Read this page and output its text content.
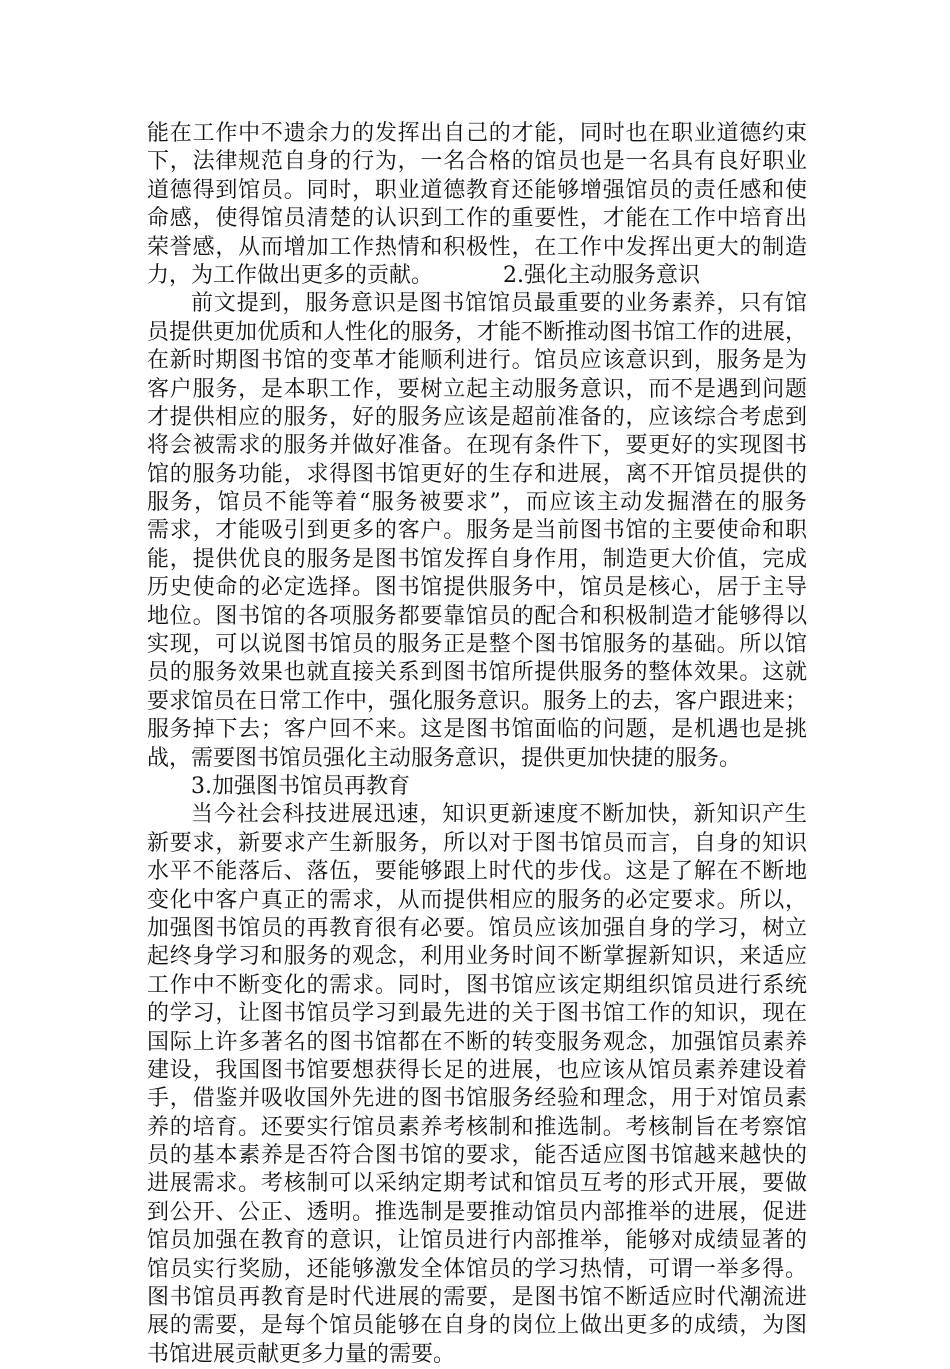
能在工作中不遗余力的发挥出自己的才能，同时也在职业道德约束
下，法律规范自身的行为，一名合格的馆员也是一名具有良好职业
道德得到馆员。同时，职业道德教育还能够增强馆员的责任感和使
命感，使得馆员清楚的认识到工作的重要性，才能在工作中培育出
荣誉感，从而增加工作热情和积极性，在工作中发挥出更大的制造
力，为工作做出更多的贡献。	2.强化主动服务意识
前文提到，服务意识是图书馆馆员最重要的业务素养，只有馆
员提供更加优质和人性化的服务，才能不断推动图书馆工作的进展，
在新时期图书馆的变革才能顺利进行。馆员应该意识到，服务是为
客户服务，是本职工作，要树立起主动服务意识，而不是遇到问题
才提供相应的服务，好的服务应该是超前准备的，应该综合考虑到
将会被需求的服务并做好准备。在现有条件下，要更好的实现图书
馆的服务功能，求得图书馆更好的生存和进展，离不开馆员提供的
服务，馆员不能等着“服务被要求”，而应该主动发掘潜在的服务
需求，才能吸引到更多的客户。服务是当前图书馆的主要使命和职
能，提供优良的服务是图书馆发挥自身作用，制造更大价值，完成
历史使命的必定选择。图书馆提供服务中，馆员是核心，居于主导
地位。图书馆的各项服务都要靠馆员的配合和积极制造才能够得以
实现，可以说图书馆员的服务正是整个图书馆服务的基础。所以馆
员的服务效果也就直接关系到图书馆所提供服务的整体效果。这就
要求馆员在日常工作中，强化服务意识。服务上的去，客户跟进来；
服务掉下去；客户回不来。这是图书馆面临的问题，是机遇也是挑
战，需要图书馆员强化主动服务意识，提供更加快捷的服务。
3.加强图书馆员再教育
当今社会科技进展迅速，知识更新速度不断加快，新知识产生
新要求，新要求产生新服务，所以对于图书馆员而言，自身的知识
水平不能落后、落伍，要能够跟上时代的步伐。这是了解在不断地
变化中客户真正的需求，从而提供相应的服务的必定要求。所以，
加强图书馆员的再教育很有必要。馆员应该加强自身的学习，树立
起终身学习和服务的观念，利用业务时间不断掌握新知识，来适应
工作中不断变化的需求。同时，图书馆应该定期组织馆员进行系统
的学习，让图书馆员学习到最先进的关于图书馆工作的知识，现在
国际上许多著名的图书馆都在不断的转变服务观念，加强馆员素养
建设，我国图书馆要想获得长足的进展，也应该从馆员素养建设着
手，借鉴并吸收国外先进的图书馆服务经验和理念，用于对馆员素
养的培育。还要实行馆员素养考核制和推选制。考核制旨在考察馆
员的基本素养是否符合图书馆的要求，能否适应图书馆越来越快的
进展需求。考核制可以采纳定期考试和馆员互考的形式开展，要做
到公开、公正、透明。推选制是要推动馆员内部推举的进展，促进
馆员加强在教育的意识，让馆员进行内部推举，能够对成绩显著的
馆员实行奖励，还能够激发全体馆员的学习热情，可谓一举多得。
图书馆员再教育是时代进展的需要，是图书馆不断适应时代潮流进
展的需要，是每个馆员能够在自身的岗位上做出更多的成绩，为图
书馆进展贡献更多力量的需要。
